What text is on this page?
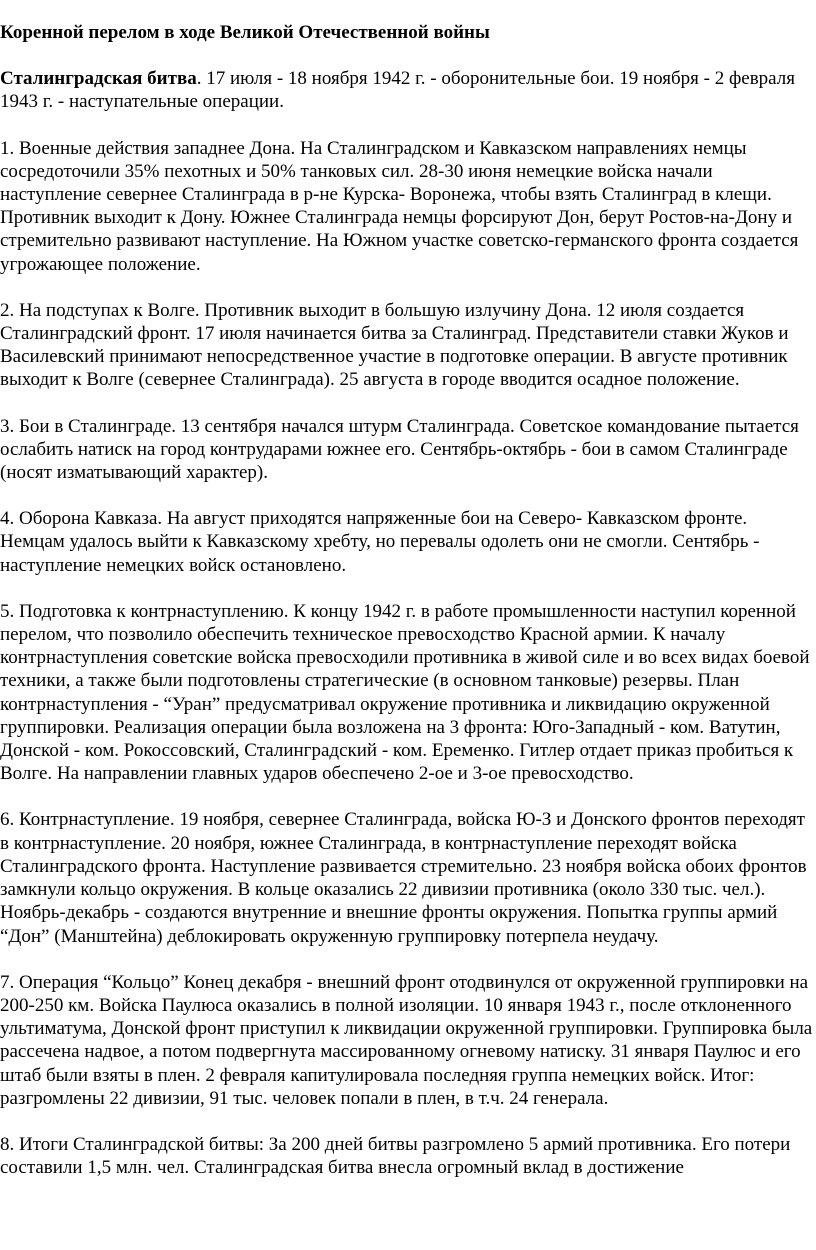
Коренной перелом в ходе Великой Отечественной войны

Сталинградская битва. 17 июля - 18 ноября 1942 г. - оборонительные бои. 19 ноября - 2 февраля 1943 г. - наступательные операции.

1. Военные действия западнее Дона. На Сталинградском и Кавказском направлениях немцы сосредоточили 35% пехотных и 50% танковых сил. 28-30 июня немецкие войска начали наступление севернее Сталинграда в р-не Курска- Воронежа, чтобы взять Сталинград в клещи. Противник выходит к Дону. Южнее Сталинграда немцы форсируют Дон, берут Ростов-на-Дону и стремительно развивают наступление. На Южном участке советско-германского фронта создается угрожающее положение.

2. На подступах к Волге. Противник выходит в большую излучину Дона. 12 июля создается Сталинградский фронт. 17 июля начинается битва за Сталинград. Представители ставки Жуков и Василевский принимают непосредственное участие в подготовке операции. В августе противник выходит к Волге (севернее Сталинграда). 25 августа в городе вводится осадное положение.

3. Бои в Сталинграде. 13 сентября начался штурм Сталинграда. Советское командование пытается ослабить натиск на город контрударами южнее его. Сентябрь-октябрь - бои в самом Сталинграде (носят изматывающий характер).

4. Оборона Кавказа. На август приходятся напряженные бои на Северо- Кавказском фронте. Немцам удалось выйти к Кавказскому хребту, но перевалы одолеть они не смогли. Сентябрь - наступление немецких войск остановлено.

5. Подготовка к контрнаступлению. К концу 1942 г. в работе промышленности наступил коренной перелом, что позволило обеспечить техническое превосходство Красной армии. К началу контрнаступления советские войска превосходили противника в живой силе и во всех видах боевой техники, а также были подготовлены стратегические (в основном танковые) резервы. План контрнаступления - “Уран” предусматривал окружение противника и ликвидацию окруженной группировки. Реализация операции была возложена на 3 фронта: Юго-Западный - ком. Ватутин, Донской - ком. Рокоссовский, Сталинградский - ком. Еременко. Гитлер отдает приказ пробиться к Волге. На направлении главных ударов обеспечено 2-ое и 3-ое превосходство.

6. Контрнаступление. 19 ноября, севернее Сталинграда, войска Ю-З и Донского фронтов переходят в контрнаступление. 20 ноября, южнее Сталинграда, в контрнаступление переходят войска Сталинградского фронта. Наступление развивается стремительно. 23 ноября войска обоих фронтов замкнули кольцо окружения. В кольце оказались 22 дивизии противника (около 330 тыс. чел.). Ноябрь-декабрь - создаются внутренние и внешние фронты окружения. Попытка группы армий “Дон” (Манштейна) деблокировать окруженную группировку потерпела неудачу.

7. Операция “Кольцо” Конец декабря - внешний фронт отодвинулся от окруженной группировки на 200-250 км. Войска Паулюса оказались в полной изоляции. 10 января 1943 г., после отклоненного ультиматума, Донской фронт приступил к ликвидации окруженной группировки. Группировка была рассечена надвое, а потом подвергнута массированному огневому натиску. 31 января Паулюс и его штаб были взяты в плен. 2 февраля капитулировала последняя группа немецких войск. Итог: разгромлены 22 дивизии, 91 тыс. человек попали в плен, в т.ч. 24 генерала.

8. Итоги Сталинградской битвы: За 200 дней битвы разгромлено 5 армий противника. Его потери составили 1,5 млн. чел. Сталинградская битва внесла огромный вклад в достижение
